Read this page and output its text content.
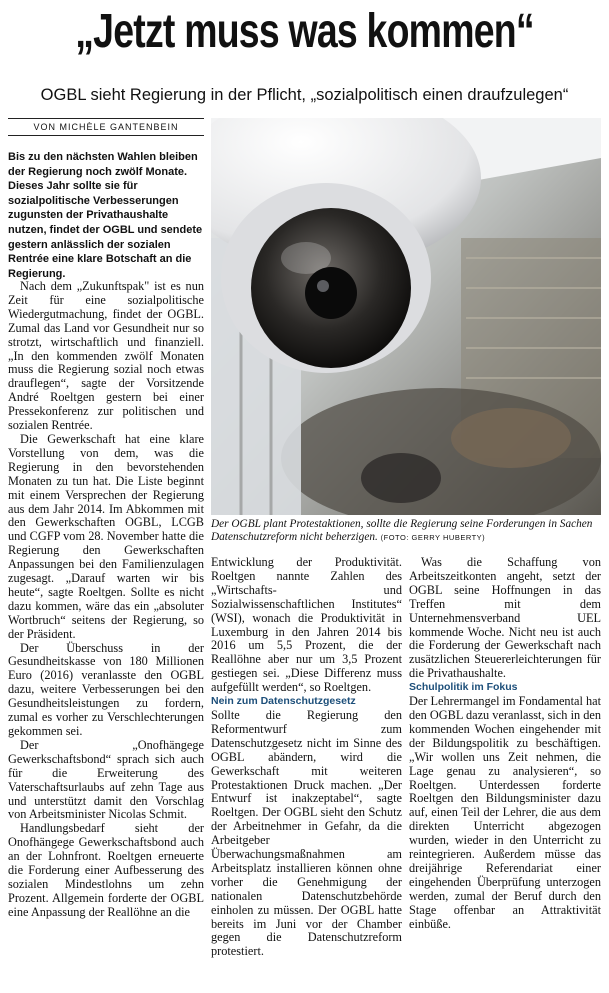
„Jetzt muss was kommen“
OGBL sieht Regierung in der Pflicht, „sozialpolitisch einen draufzulegen“
VON MICHÈLE GANTENBEIN
Bis zu den nächsten Wahlen bleiben der Regierung noch zwölf Monate. Dieses Jahr sollte sie für sozialpolitische Verbesserungen zugunsten der Privathaushalte nutzen, findet der OGBL und sendete gestern anlässlich der sozialen Rentrée eine klare Botschaft an die Regierung.

Nach dem „Zukunftspak" ist es nun Zeit für eine sozialpolitische Wiedergutmachung, findet der OGBL. Zumal das Land vor Gesundheit nur so strotzt, wirtschaftlich und finanziell. „In den kommenden zwölf Monaten muss die Regierung sozial noch etwas drauflegen“, sagte der Vorsitzende André Roeltgen gestern bei einer Pressekonferenz zur politischen und sozialen Rentrée.

Die Gewerkschaft hat eine klare Vorstellung von dem, was die Regierung in den bevorstehenden Monaten zu tun hat. Die Liste beginnt mit einem Versprechen der Regierung aus dem Jahr 2014. Im Abkommen mit den Gewerkschaften OGBL, LCGB und CGFP vom 28. November hatte die Regierung den Gewerkschaften Anpassungen bei den Familienzulagen zugesagt. „Darauf warten wir bis heute“, sagte Roeltgen. Sollte es nicht dazu kommen, wäre das ein „absoluter Wortbruch“ seitens der Regierung, so der Präsident.

Der Überschuss in der Gesundheitskasse von 180 Millionen Euro (2016) veranlasste den OGBL dazu, weitere Verbesserungen bei den Gesundheitsleistungen zu fordern, zumal es vorher zu Verschlechterungen gekommen sei.

Der „Onofhängege Gewerkschaftsbond“ sprach sich auch für die Erweiterung des Vaterschaftsurlaubs auf zehn Tage aus und unterstützt damit den Vorschlag von Arbeitsminister Nicolas Schmit.

Handlungsbedarf sieht der Onofhängege Gewerkschaftsbond auch an der Lohnfront. Roeltgen erneuerte die Forderung einer Aufbesserung des sozialen Mindestlohns um zehn Prozent. Allgemein forderte der OGBL eine Anpassung der Reallöhne an die

Der OGBL plant Protestaktionen, sollte die Regierung seine Forderungen in Sachen Datenschutzreform nicht beherzigen. (FOTO: GERRY HUBERTY)

Entwicklung der Produktivität. Roeltgen nannte Zahlen des „Wirtschafts- und Sozialwissenschaftlichen Institutes“ (WSI), wonach die Produktivität in Luxemburg in den Jahren 2014 bis 2016 um 5,5 Prozent, die der Reallöhne aber nur um 3,5 Prozent gestiegen sei. „Diese Differenz muss aufgefüllt werden“, so Roeltgen.

Nein zum Datenschutzgesetz

Sollte die Regierung den Reformentwurf zum Datenschutzgesetz nicht im Sinne des OGBL abändern, wird die Gewerkschaft mit weiteren Protestaktionen Druck machen. „Der Entwurf ist inakzeptabel“, sagte Roeltgen. Der OGBL sieht den Schutz der Arbeitnehmer in Gefahr, da die Arbeitgeber Überwachungsmaßnahmen am Arbeitsplatz installieren können ohne vorher die Genehmigung der nationalen Datenschutzbehörde einholen zu müssen. Der OGBL hatte bereits im Juni vor der Chamber gegen die Datenschutzreform protestiert.

Was die Schaffung von Arbeitszeitkonten angeht, setzt der OGBL seine Hoffnungen in das Treffen mit dem Unternehmensverband UEL kommende Woche. Nicht neu ist auch die Forderung der Gewerkschaft nach zusätzlichen Steuererleichterungen für die Privathaushalte.

Schulpolitik im Fokus

Der Lehrermangel im Fondamental hat den OGBL dazu veranlasst, sich in den kommenden Wochen eingehender mit der Bildungspolitik zu beschäftigen. „Wir wollen uns Zeit nehmen, die Lage genau zu analysieren“, so Roeltgen. Unterdessen forderte Roeltgen den Bildungsminister dazu auf, einen Teil der Lehrer, die aus dem direkten Unterricht abgezogen wurden, wieder in den Unterricht zu reintegrieren. Außerdem müsse das dreijährige Referendariat einer eingehenden Überprüfung unterzogen werden, zumal der Beruf durch den Stage offenbar an Attraktivität einbüße.
